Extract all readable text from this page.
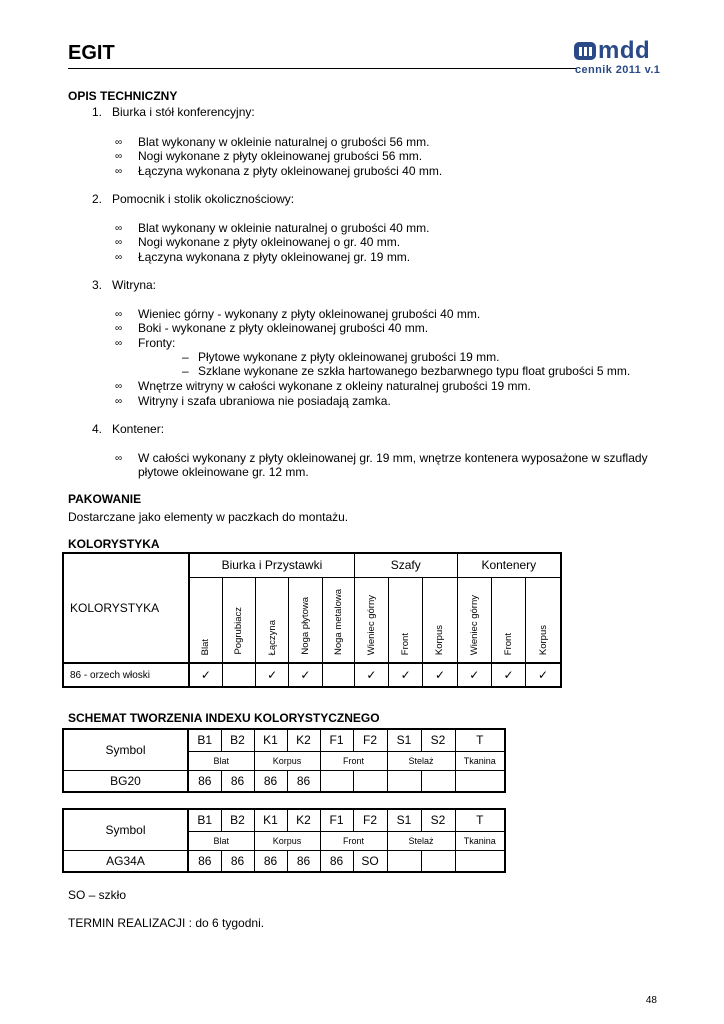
EGIT	mdd
cennik 2011 v.1
OPIS TECHNICZNY
1. Biurka i stół konferencyjny:
∞ Blat wykonany w okleinie naturalnej o grubości 56 mm.
∞ Nogi wykonane z płyty okleinowanej grubości 56 mm.
∞ Łączyna wykonana z płyty okleinowanej grubości 40 mm.
2. Pomocnik i stolik okolicznościowy:
∞ Blat wykonany w okleinie naturalnej o grubości 40 mm.
∞ Nogi wykonane z płyty okleinowanej o gr. 40 mm.
∞ Łączyna wykonana z płyty okleinowanej gr. 19 mm.
3. Witryna:
∞ Wieniec górny - wykonany z płyty okleinowanej grubości 40 mm.
∞ Boki - wykonane z płyty okleinowanej grubości 40 mm.
∞ Fronty:
– Płytowe wykonane z płyty okleinowanej grubości 19 mm.
– Szklane wykonane ze szkła hartowanego bezbarwnego typu float grubości 5 mm.
∞ Wnętrze witryny w całości wykonane z okleiny naturalnej grubości 19 mm.
∞ Witryny i szafa ubraniowa nie posiadają zamka.
4. Kontener:
∞ W całości wykonany z płyty okleinowanej gr. 19 mm, wnętrze kontenera wyposażone w szuflady
płytowe okleinowane gr. 12 mm.
PAKOWANIE
Dostarczane jako elementy w paczkach do montażu.
KOLORYSTYKA
KOLORYSTYKA	Biurka i Przystawki					Szafy			Kontenery		
	Blat	Pogrubiacz	Łączyna	Noga płytowa	Noga metalowa	Wieniec górny	Front	Korpus	Wieniec górny	Front	Korpus
86 - orzech włoski	✓		✓	✓		✓	✓	✓	✓	✓	✓
SCHEMAT TWORZENIA INDEXU KOLORYSTYCZNEGO
Symbol	B1	B2	K1	K2	F1	F2	S1	S2	T
	Blat		Korpus		Front		Stelaż		Tkanina
BG20	86	86	86	86					
Symbol	B1	B2	K1	K2	F1	F2	S1	S2	T
	Blat		Korpus		Front		Stelaż		Tkanina
AG34A	86	86	86	86	86	SO			
SO – szkło
TERMIN REALIZACJI : do 6 tygodni.
48
